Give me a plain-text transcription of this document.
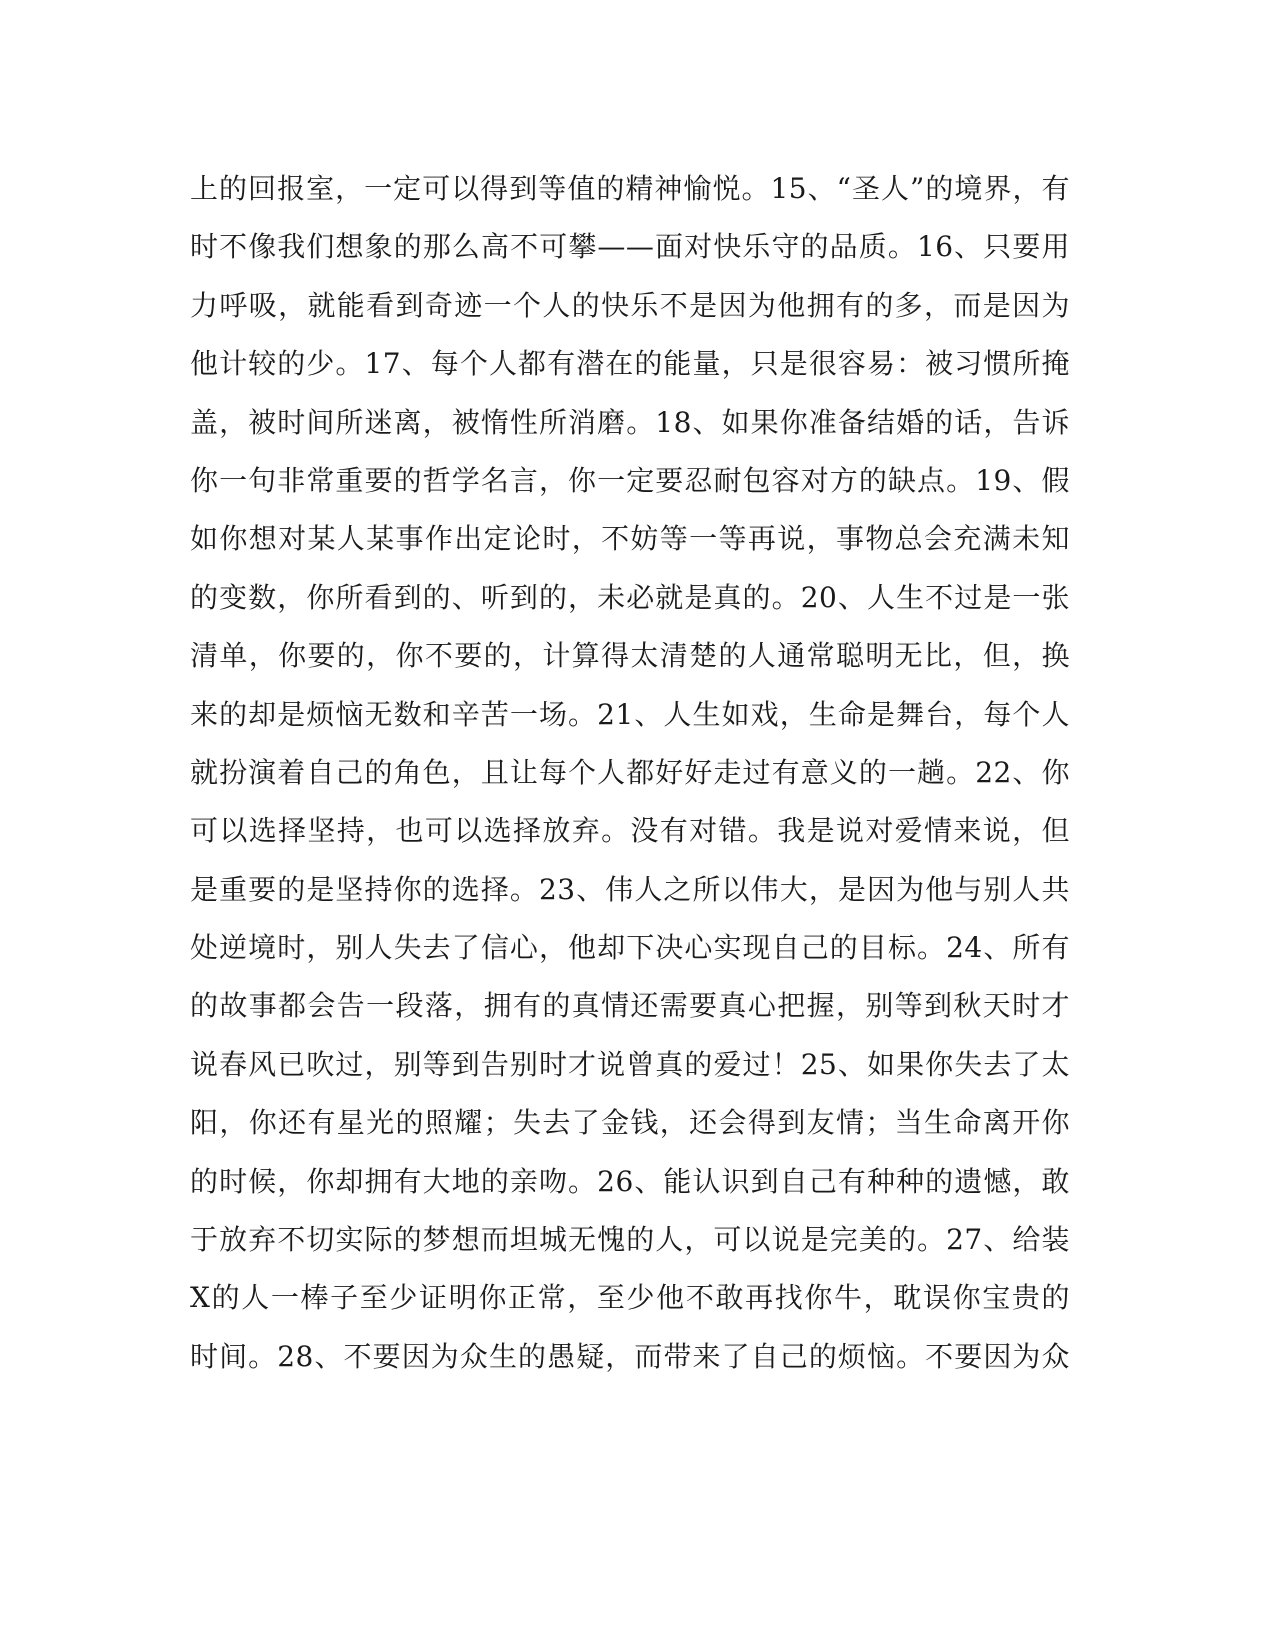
上的回报室，一定可以得到等值的精神愉悦。15、“圣人”的境界，有
时不像我们想象的那么高不可攀——面对快乐守的品质。16、只要用
力呼吸，就能看到奇迹一个人的快乐不是因为他拥有的多，而是因为
他计较的少。17、每个人都有潜在的能量，只是很容易：被习惯所掩
盖，被时间所迷离，被惰性所消磨。18、如果你准备结婚的话，告诉
你一句非常重要的哲学名言，你一定要忍耐包容对方的缺点。19、假
如你想对某人某事作出定论时，不妨等一等再说，事物总会充满未知
的变数，你所看到的、听到的，未必就是真的。20、人生不过是一张
清单，你要的，你不要的，计算得太清楚的人通常聪明无比，但，换
来的却是烦恼无数和辛苦一场。21、人生如戏，生命是舞台，每个人
就扮演着自己的角色，且让每个人都好好走过有意义的一趟。22、你
可以选择坚持，也可以选择放弃。没有对错。我是说对爱情来说，但
是重要的是坚持你的选择。23、伟人之所以伟大，是因为他与别人共
处逆境时，别人失去了信心，他却下决心实现自己的目标。24、所有
的故事都会告一段落，拥有的真情还需要真心把握，别等到秋天时才
说春风已吹过，别等到告别时才说曾真的爱过！25、如果你失去了太
阳，你还有星光的照耀；失去了金钱，还会得到友情；当生命离开你
的时候，你却拥有大地的亲吻。26、能认识到自己有种种的遗憾，敢
于放弃不切实际的梦想而坦城无愧的人，可以说是完美的。27、给装
X的人一棒子至少证明你正常，至少他不敢再找你牛，耽误你宝贵的
时间。28、不要因为众生的愚疑，而带来了自己的烦恼。不要因为众
